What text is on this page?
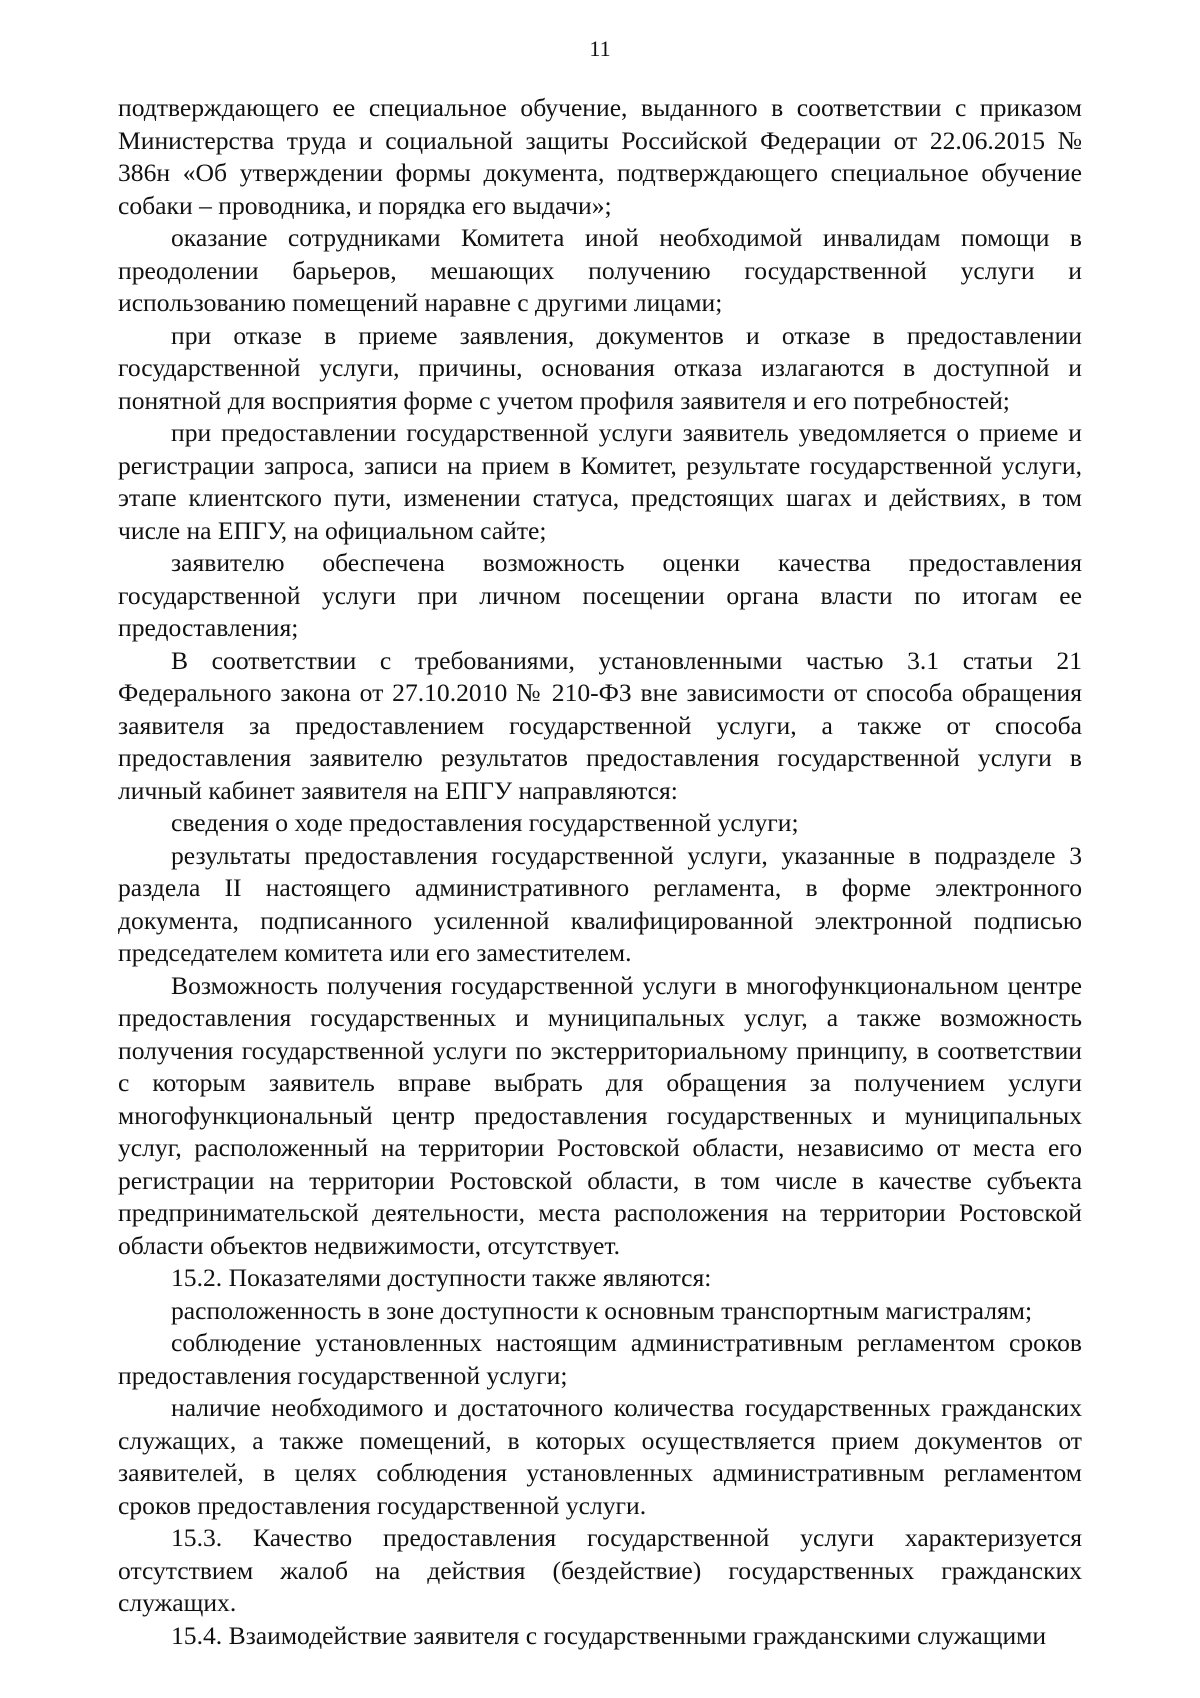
11

подтверждающего ее специальное обучение, выданного в соответствии с приказом Министерства труда и социальной защиты Российской Федерации от 22.06.2015 № 386н «Об утверждении формы документа, подтверждающего специальное обучение собаки – проводника, и порядка его выдачи»;

оказание сотрудниками Комитета иной необходимой инвалидам помощи в преодолении барьеров, мешающих получению государственной услуги и использованию помещений наравне с другими лицами;

при отказе в приеме заявления, документов и отказе в предоставлении государственной услуги, причины, основания отказа излагаются в доступной и понятной для восприятия форме с учетом профиля заявителя и его потребностей;

при предоставлении государственной услуги заявитель уведомляется о приеме и регистрации запроса, записи на прием в Комитет, результате государственной услуги, этапе клиентского пути, изменении статуса, предстоящих шагах и действиях, в том числе на ЕПГУ, на официальном сайте;

заявителю обеспечена возможность оценки качества предоставления государственной услуги при личном посещении органа власти по итогам ее предоставления;

В соответствии с требованиями, установленными частью 3.1 статьи 21 Федерального закона от 27.10.2010 № 210-ФЗ вне зависимости от способа обращения заявителя за предоставлением государственной услуги, а также от способа предоставления заявителю результатов предоставления государственной услуги в личный кабинет заявителя на ЕПГУ направляются:

сведения о ходе предоставления государственной услуги;

результаты предоставления государственной услуги, указанные в подразделе 3 раздела II настоящего административного регламента, в форме электронного документа, подписанного усиленной квалифицированной электронной подписью председателем комитета или его заместителем.

Возможность получения государственной услуги в многофункциональном центре предоставления государственных и муниципальных услуг, а также возможность получения государственной услуги по экстерриториальному принципу, в соответствии с которым заявитель вправе выбрать для обращения за получением услуги многофункциональный центр предоставления государственных и муниципальных услуг, расположенный на территории Ростовской области, независимо от места его регистрации на территории Ростовской области, в том числе в качестве субъекта предпринимательской деятельности, места расположения на территории Ростовской области объектов недвижимости, отсутствует.

15.2. Показателями доступности также являются:

расположенность в зоне доступности к основным транспортным магистралям;

соблюдение установленных настоящим административным регламентом сроков предоставления государственной услуги;

наличие необходимого и достаточного количества государственных гражданских служащих, а также помещений, в которых осуществляется прием документов от заявителей, в целях соблюдения установленных административным регламентом сроков предоставления государственной услуги.

15.3. Качество предоставления государственной услуги характеризуется отсутствием жалоб на действия (бездействие) государственных гражданских служащих.

15.4. Взаимодействие заявителя с государственными гражданскими служащими
